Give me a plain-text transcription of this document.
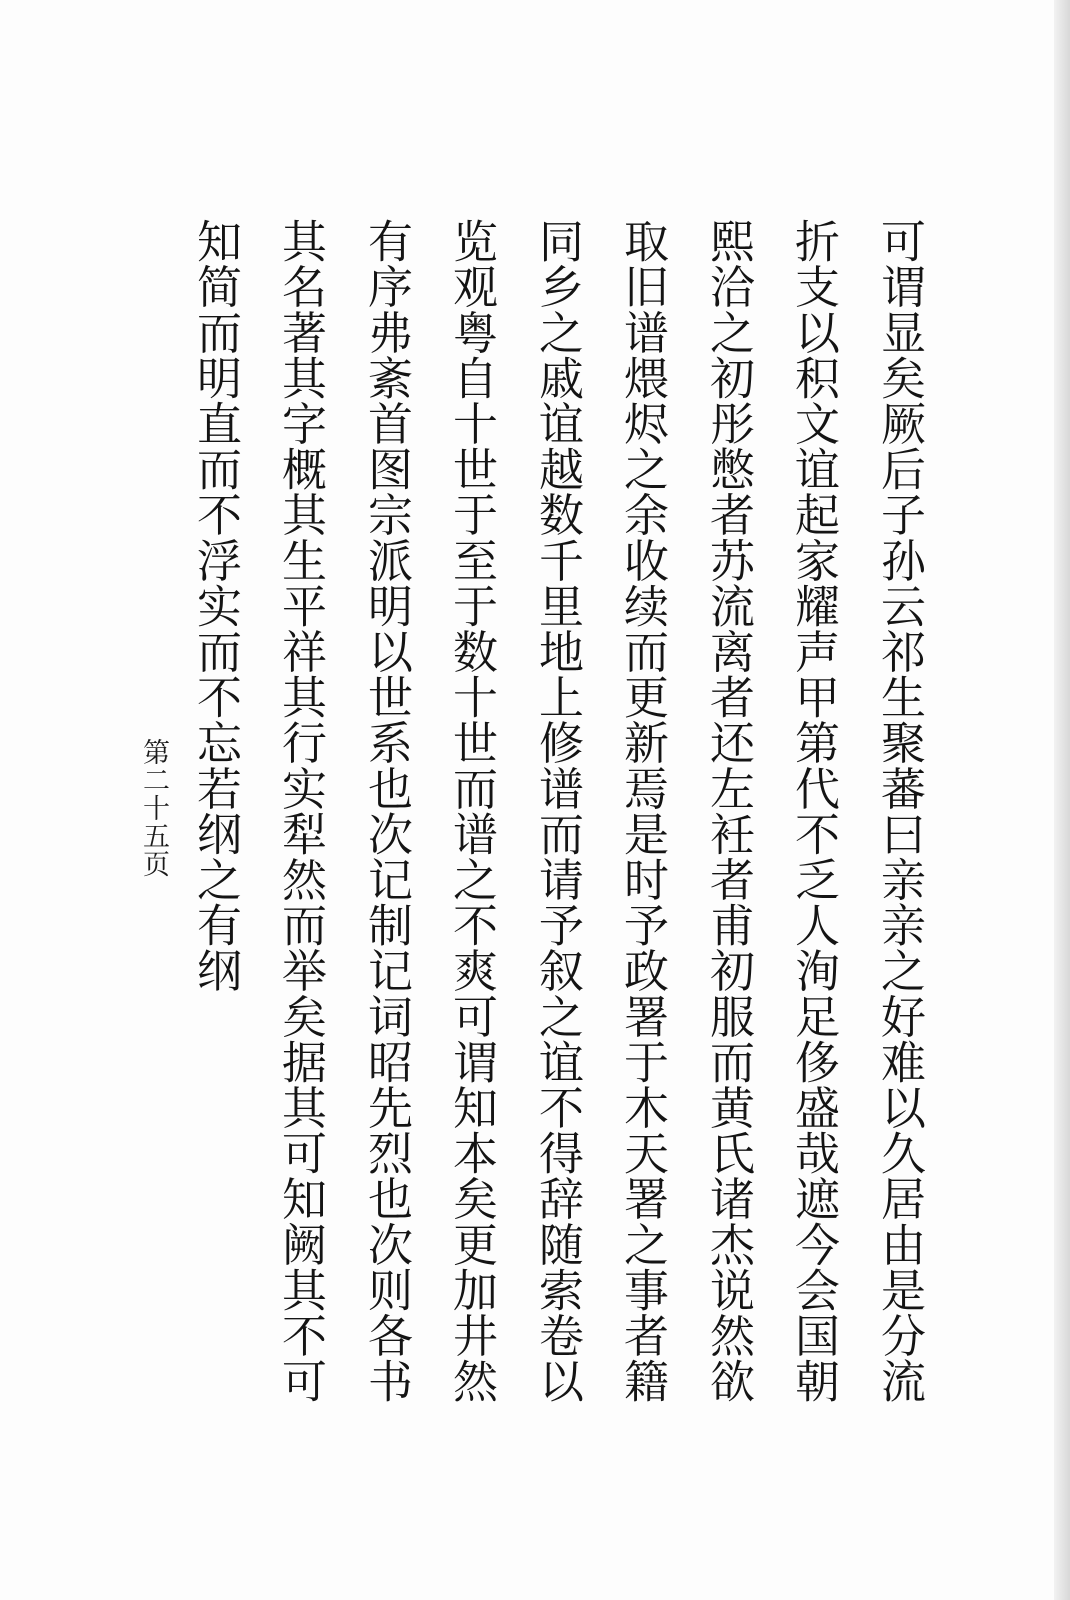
可谓显矣厥后子孙云祁生聚蕃曰亲亲之好难以久居由是分流
折支以积文谊起家耀声甲第代不乏人洵足侈盛哉遮今会国朝
熙洽之初彤憋者苏流离者还左衽者甫初服而黄氏诸杰说然欲
取旧谱煨烬之余收续而更新焉是时予政署于木天署之事者籍
同乡之戚谊越数千里地上修谱而请予叙之谊不得辞随索卷以
览观粤自十世于至于数十世而谱之不爽可谓知本矣更加井然
有序弗紊首图宗派明以世系也次记制记词昭先烈也次则各书
其名著其字概其生平祥其行实犁然而举矣据其可知阙其不可
知简而明直而不浮实而不忘若纲之有纲
第二十五页
